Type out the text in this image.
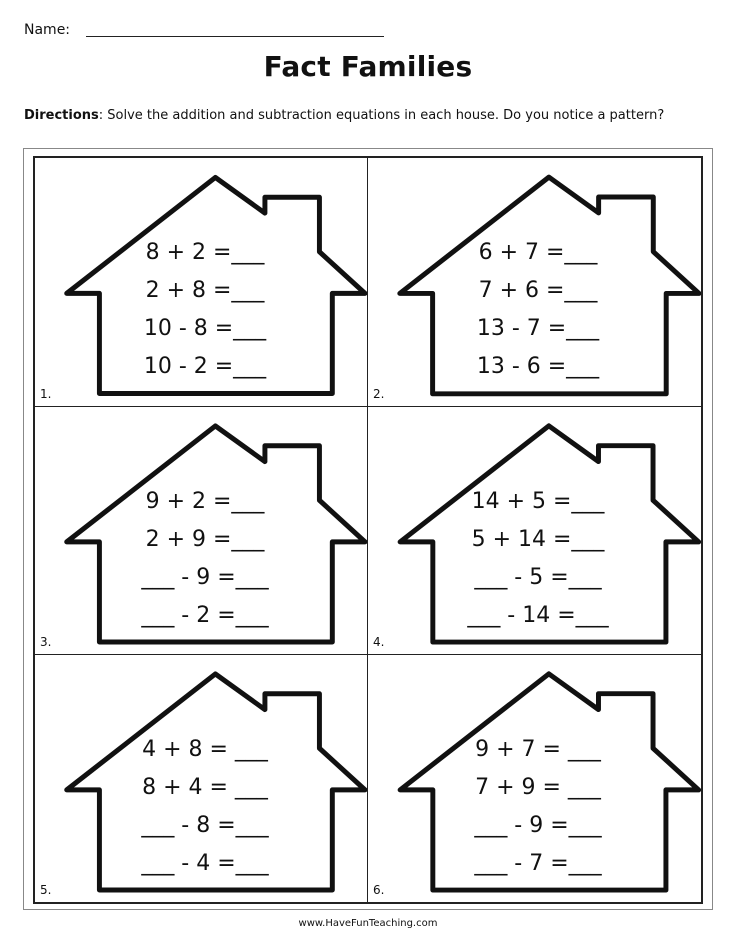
Name:
Fact Families
Directions: Solve the addition and subtraction equations in each house. Do you notice a pattern?
8 + 2 =___
2 + 8 =___
10 - 8 =___
10 - 2 =___
1.
6 + 7 =___
7 + 6 =___
13 - 7 =___
13 - 6 =___
2.
9 + 2 =___
2 + 9 =___
___ - 9 =___
___ - 2 =___
3.
14 + 5 =___
5 + 14 =___
___ - 5 =___
___ - 14 =___
4.
4 + 8 = ___
8 + 4 = ___
___ - 8 =___
___ - 4 =___
5.
9 + 7 = ___
7 + 9 = ___
___ - 9 =___
___ - 7 =___
6.
www.HaveFunTeaching.com
